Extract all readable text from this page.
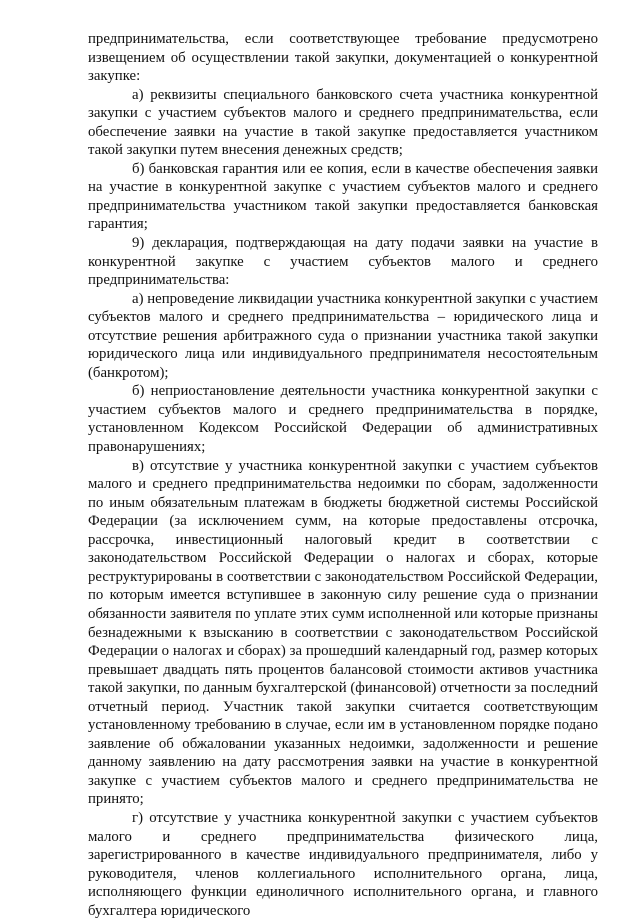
предпринимательства, если соответствующее требование предусмотрено извещением об осуществлении такой закупки, документацией о конкурентной закупке:

а) реквизиты специального банковского счета участника конкурентной закупки с участием субъектов малого и среднего предпринимательства, если обеспечение заявки на участие в такой закупке предоставляется участником такой закупки путем внесения денежных средств;

б) банковская гарантия или ее копия, если в качестве обеспечения заявки на участие в конкурентной закупке с участием субъектов малого и среднего предпринимательства участником такой закупки предоставляется банковская гарантия;

9) декларация, подтверждающая на дату подачи заявки на участие в конкурентной закупке с участием субъектов малого и среднего предпринимательства:

а) непроведение ликвидации участника конкурентной закупки с участием субъектов малого и среднего предпринимательства – юридического лица и отсутствие решения арбитражного суда о признании участника такой закупки юридического лица или индивидуального предпринимателя несостоятельным (банкротом);

б) неприостановление деятельности участника конкурентной закупки с участием субъектов малого и среднего предпринимательства в порядке, установленном Кодексом Российской Федерации об административных правонарушениях;

в) отсутствие у участника конкурентной закупки с участием субъектов малого и среднего предпринимательства недоимки по сборам, задолженности по иным обязательным платежам в бюджеты бюджетной системы Российской Федерации (за исключением сумм, на которые предоставлены отсрочка, рассрочка, инвестиционный налоговый кредит в соответствии с законодательством Российской Федерации о налогах и сборах, которые реструктурированы в соответствии с законодательством Российской Федерации, по которым имеется вступившее в законную силу решение суда о признании обязанности заявителя по уплате этих сумм исполненной или которые признаны безнадежными к взысканию в соответствии с законодательством Российской Федерации о налогах и сборах) за прошедший календарный год, размер которых превышает двадцать пять процентов балансовой стоимости активов участника такой закупки, по данным бухгалтерской (финансовой) отчетности за последний отчетный период. Участник такой закупки считается соответствующим установленному требованию в случае, если им в установленном порядке подано заявление об обжаловании указанных недоимки, задолженности и решение данному заявлению на дату рассмотрения заявки на участие в конкурентной закупке с участием субъектов малого и среднего предпринимательства не принято;

г) отсутствие у участника конкурентной закупки с участием субъектов малого и среднего предпринимательства физического лица, зарегистрированного в качестве индивидуального предпринимателя, либо у руководителя, членов коллегиального исполнительного органа, лица, исполняющего функции единоличного исполнительного органа, и главного бухгалтера юридического
